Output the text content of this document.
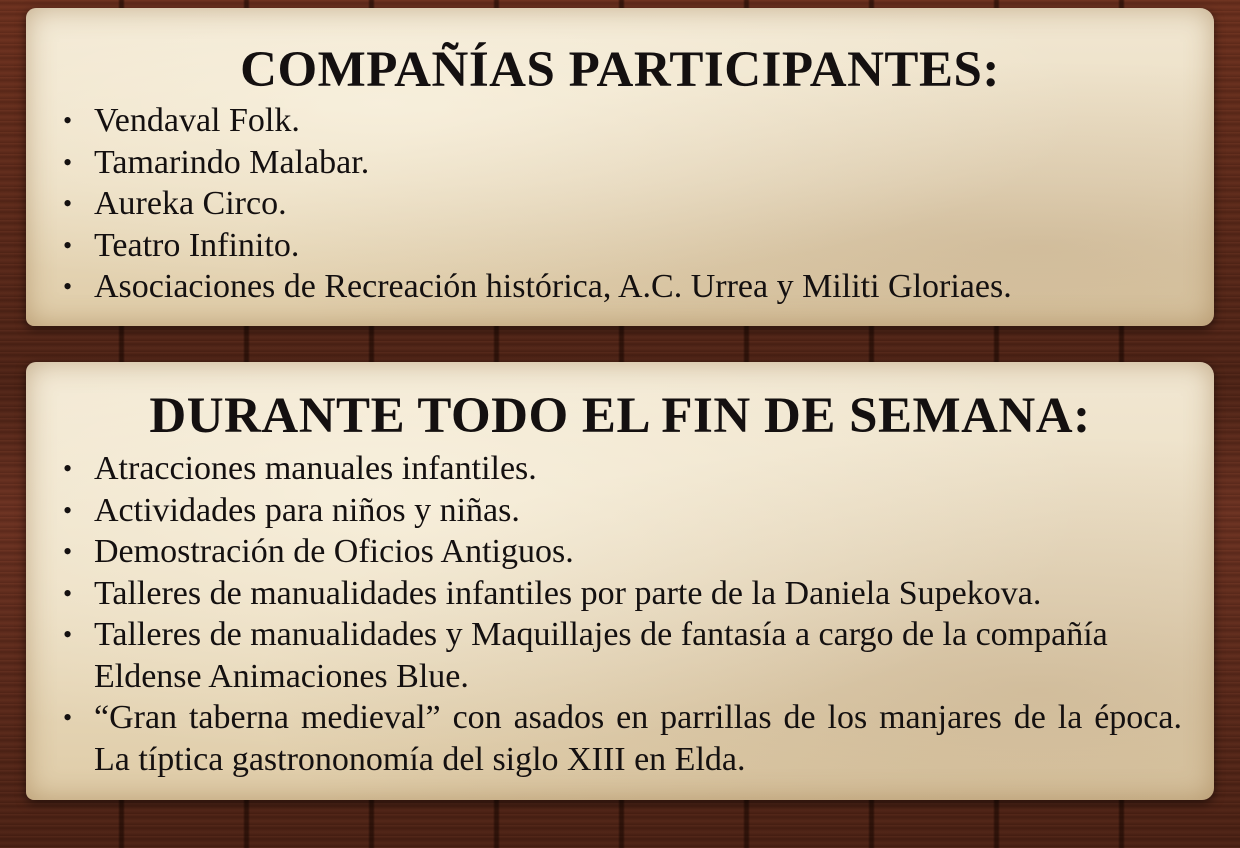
COMPAÑÍAS PARTICIPANTES:
• Vendaval Folk.
• Tamarindo Malabar.
• Aureka Circo.
• Teatro Infinito.
• Asociaciones de Recreación histórica, A.C. Urrea y Militi Gloriaes.
DURANTE TODO EL FIN DE SEMANA:
• Atracciones manuales infantiles.
• Actividades para niños y niñas.
• Demostración de Oficios Antiguos.
• Talleres de manualidades infantiles por parte de la Daniela Supekova.
• Talleres de manualidades y Maquillajes de fantasía a cargo de la compañía Eldense Animaciones Blue.
• “Gran taberna medieval” con asados en parrillas de los manjares de la época. La típtica gastrononomía del siglo XIII en Elda.
